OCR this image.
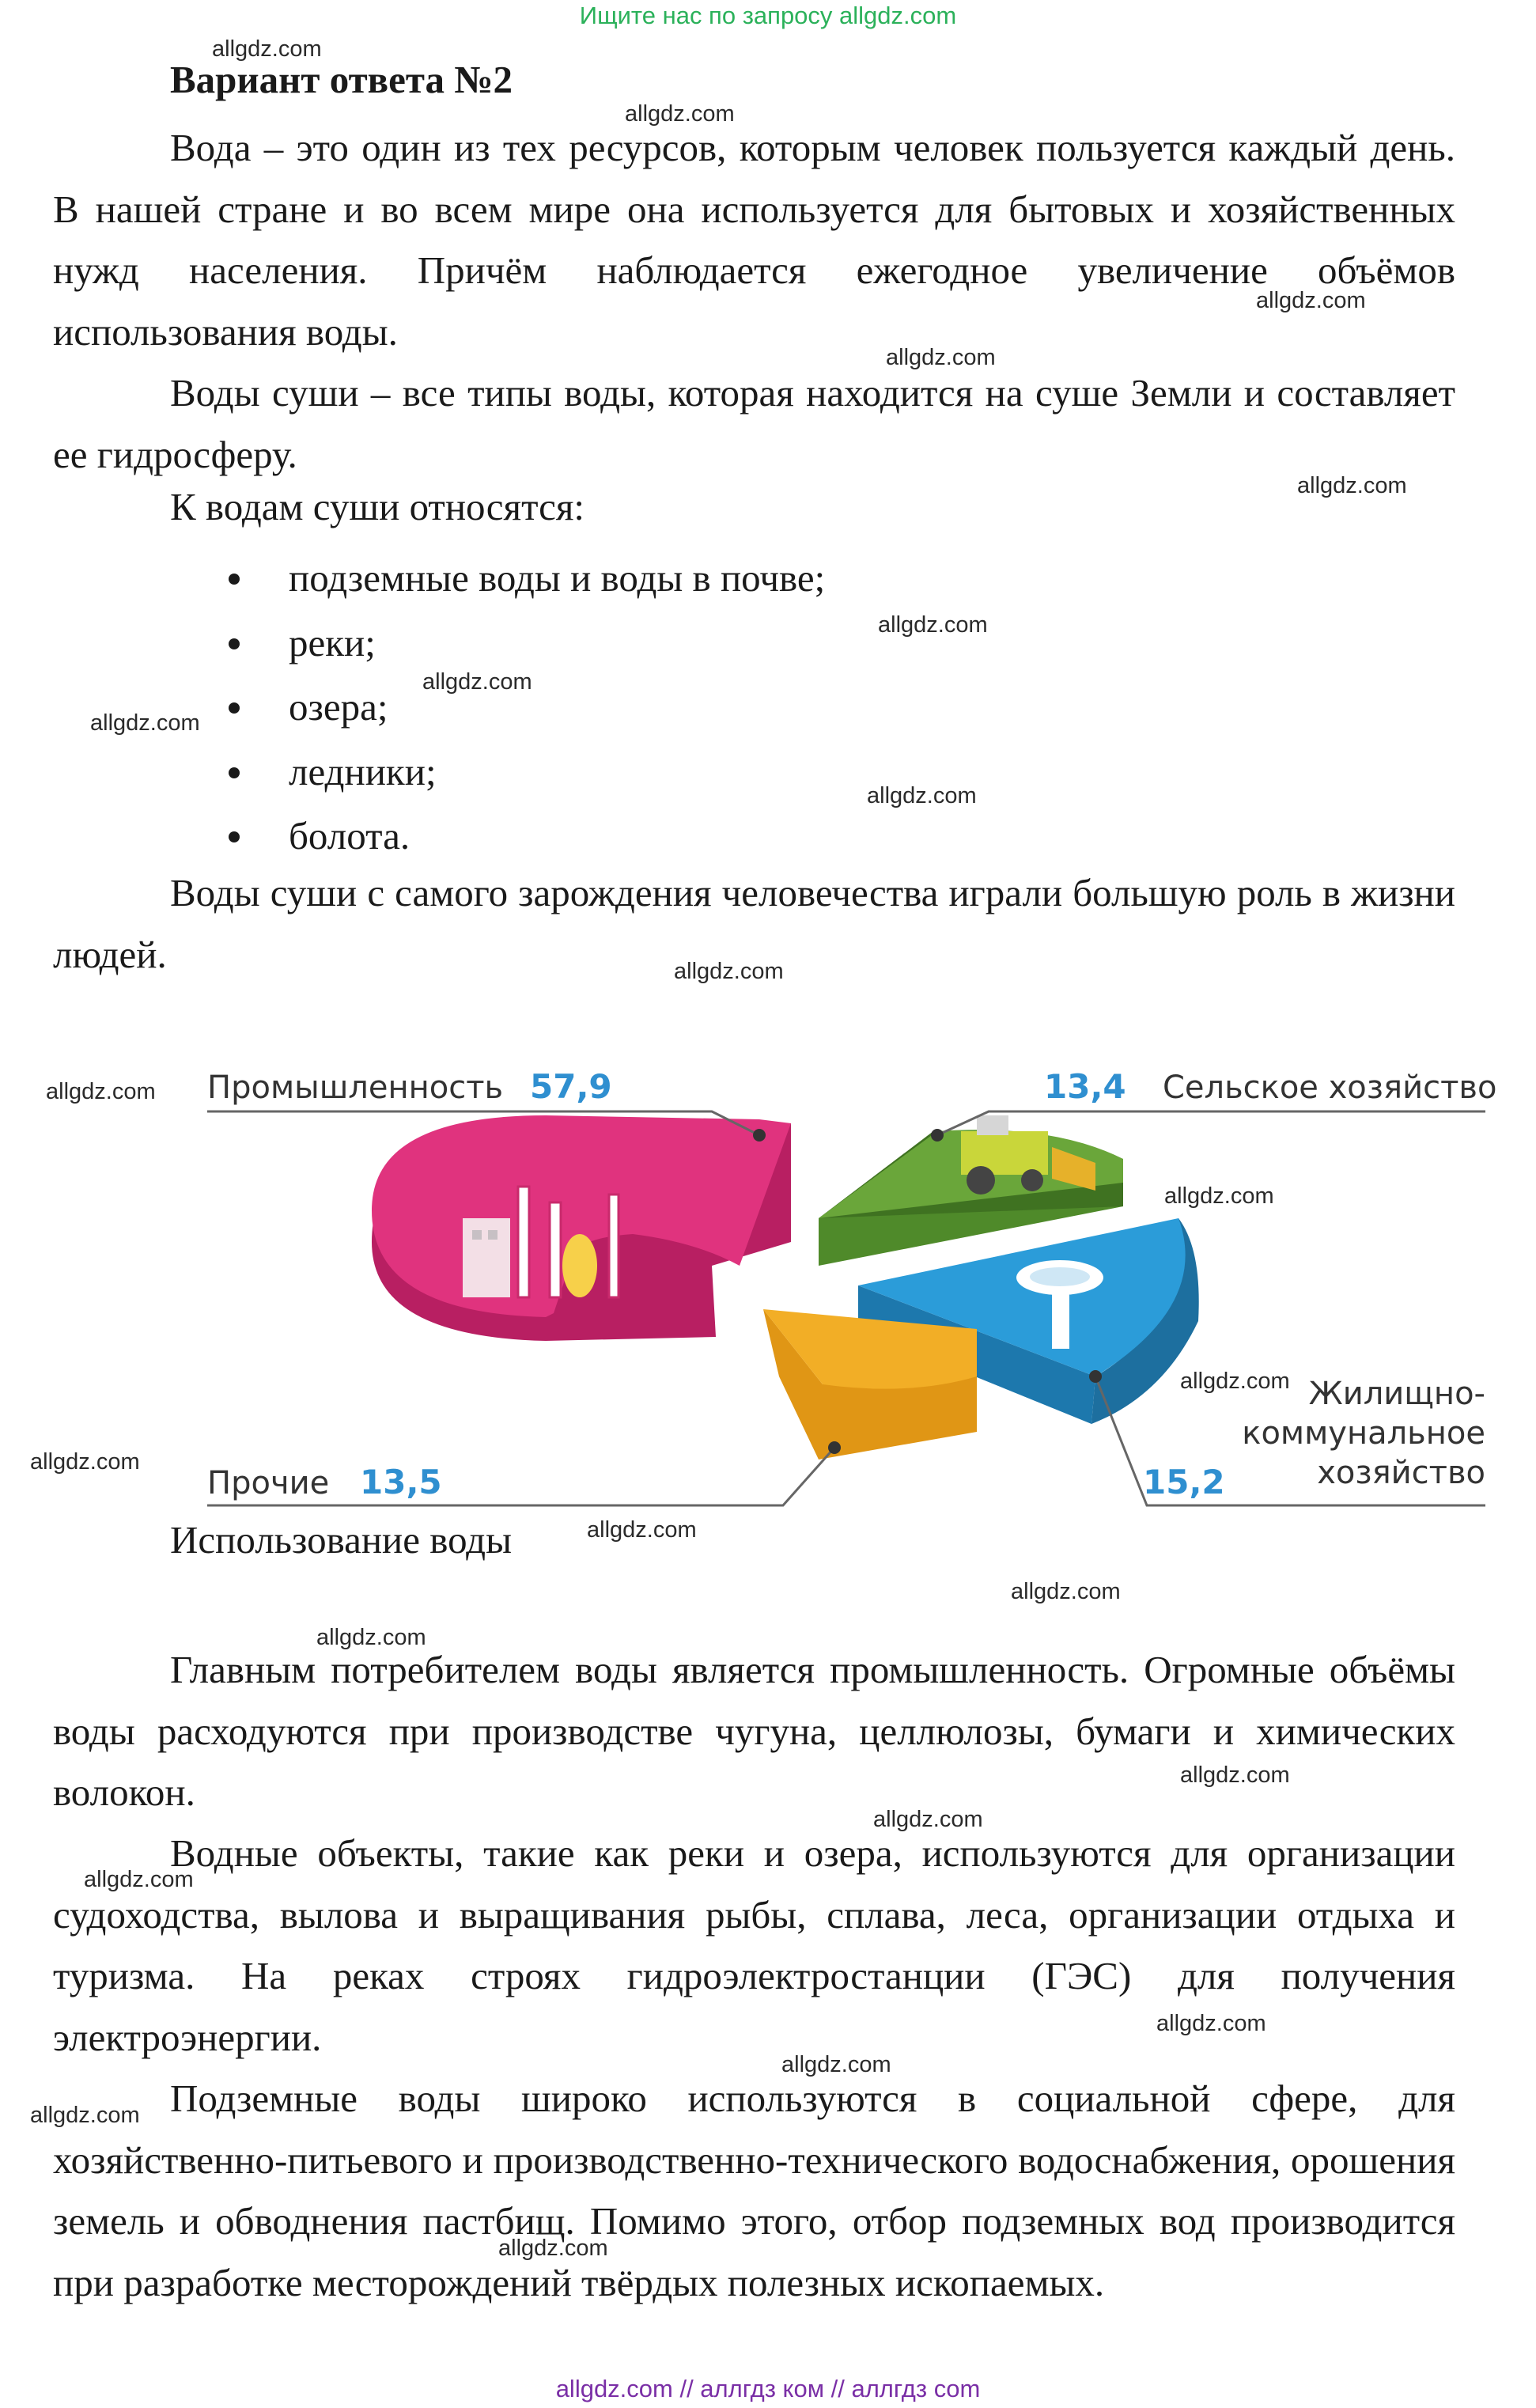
Ищите нас по запросу allgdz.com
Вариант ответа №2
Вода – это один из тех ресурсов, которым человек пользуется каждый день. В нашей стране и во всем мире она используется для бытовых и хозяйственных нужд населения. Причём наблюдается ежегодное увеличение объёмов использования воды.
Воды суши – все типы воды, которая находится на суше Земли и составляет ее гидросферу.
К водам суши относятся:
подземные воды и воды в почве;
реки;
озера;
ледники;
болота.
Воды суши с самого зарождения человечества играли большую роль в жизни людей.
Промышленность 57,9	13,4 Сельское хозяйство
Жилищно-
коммунальное
хозяйство
15,2
Прочие 13,5
Использование воды
Главным потребителем воды является промышленность. Огромные объёмы воды расходуются при производстве чугуна, целлюлозы, бумаги и химических волокон.
Водные объекты, такие как реки и озера, используются для организации судоходства, вылова и выращивания рыбы, сплава, леса, организации отдыха и туризма. На реках строях гидроэлектростанции (ГЭС) для получения электроэнергии.
Подземные воды широко используются в социальной сфере, для хозяйственно-питьевого и производственно-технического водоснабжения, орошения земель и обводнения пастбищ. Помимо этого, отбор подземных вод производится при разработке месторождений твёрдых полезных ископаемых.
allgdz.com
allgdz.com
allgdz.com
allgdz.com
allgdz.com
allgdz.com
allgdz.com
allgdz.com
allgdz.com
allgdz.com
allgdz.com
allgdz.com
allgdz.com
allgdz.com
allgdz.com
allgdz.com
allgdz.com
allgdz.com
allgdz.com
allgdz.com
allgdz.com
allgdz.com
allgdz.com
allgdz.com
allgdz.com // аллгдз ком // аллгдз com
